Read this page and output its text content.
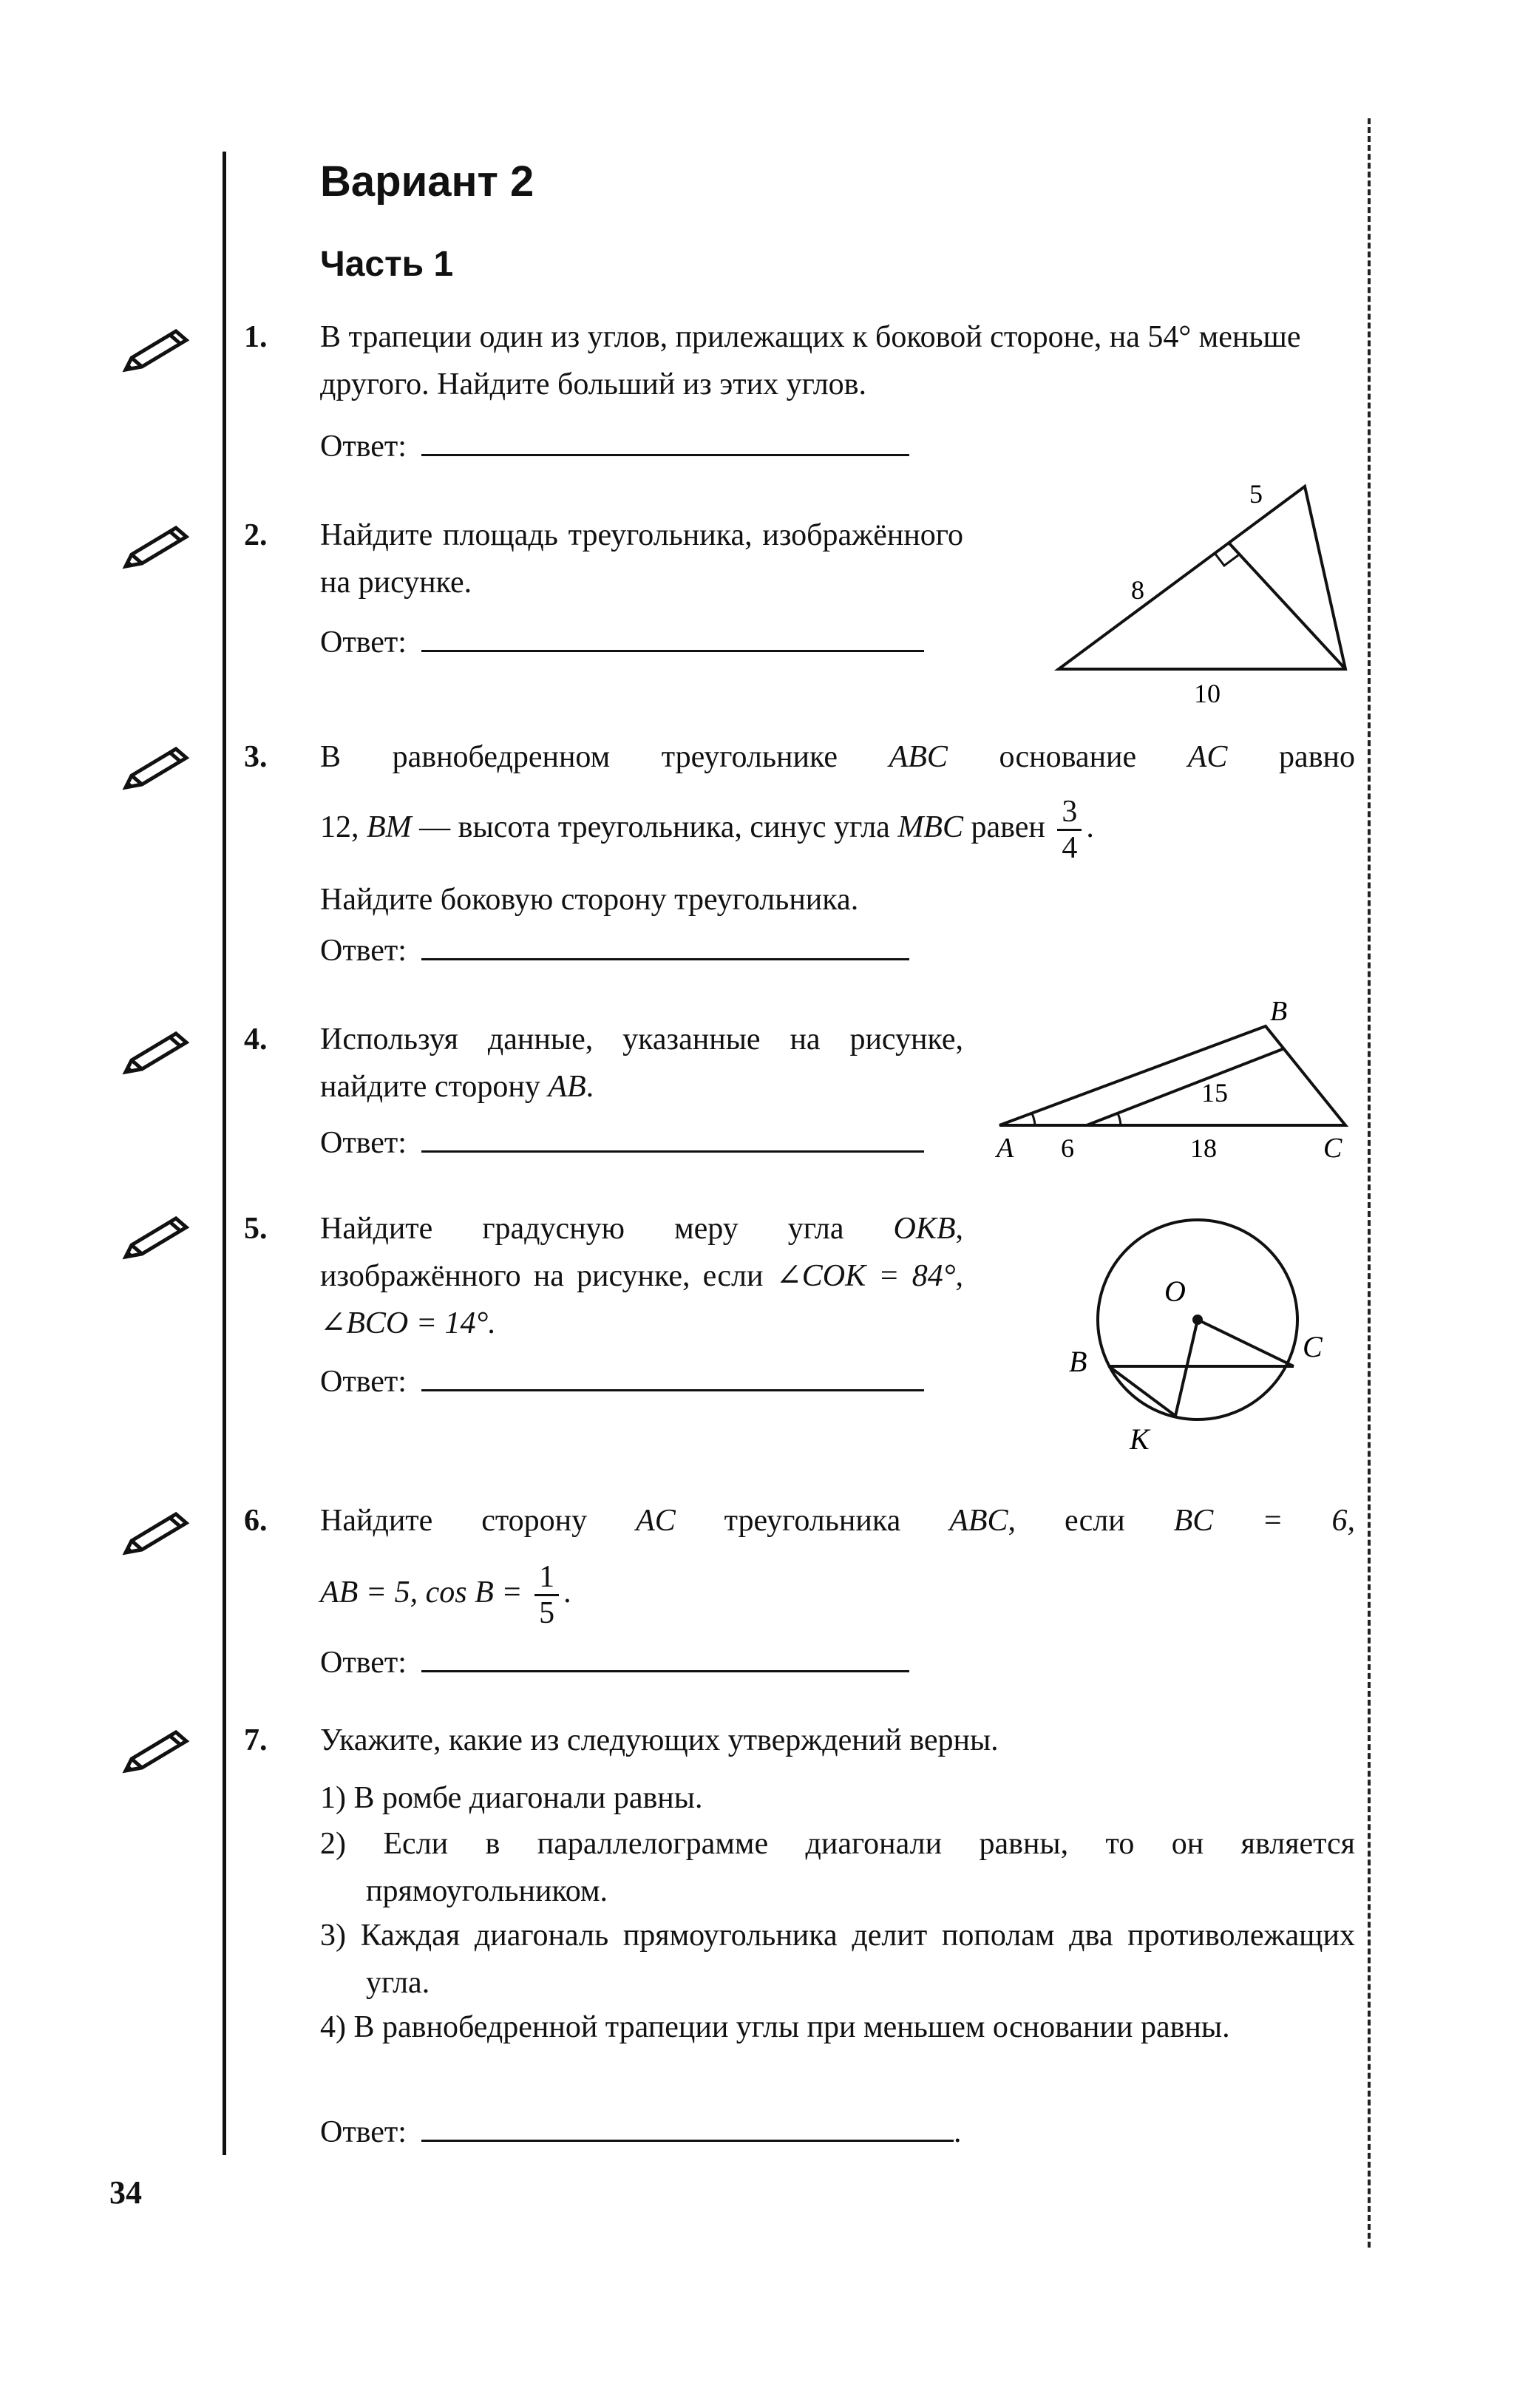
Вариант 2
Часть 1
1. В трапеции один из углов, прилежащих к боковой стороне, на 54° меньше другого. Найдите больший из этих углов.
Ответ:
2. Найдите площадь треугольника, изображённого на рисунке.
Ответ:
5
8
10
3. В равнобедренном треугольнике ABC основание AC равно
12, BM — высота треугольника, синус угла MBC равен $\frac{3}{4}$ .
Найдите боковую сторону треугольника.
Ответ:
4. Используя данные, указанные на рисунке, найдите сторону AB.
Ответ:
B
15
A 6	18	C
5. Найдите градусную меру угла OKB, изображённого на рисунке, если ∠COK = 84°, ∠BCO = 14°.
Ответ:
O
B	C
K
6. Найдите сторону AC треугольника ABC, если BC = 6,
AB = 5, $\cos B = \frac{1}{5}$ .
Ответ:
7. Укажите, какие из следующих утверждений верны.
1) В ромбе диагонали равны.
2) Если в параллелограмме диагонали равны, то он является прямоугольником.
3) Каждая диагональ прямоугольника делит пополам два противолежащих угла.
4) В равнобедренной трапеции углы при меньшем основании равны.
Ответ:	.
34
